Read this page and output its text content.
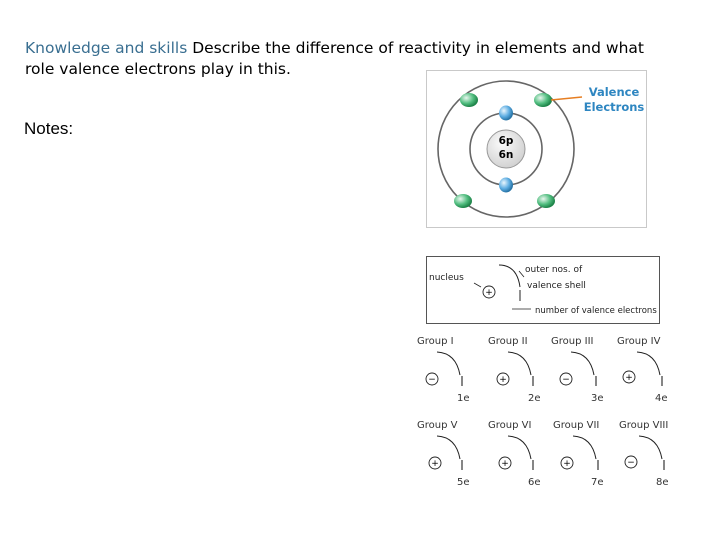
Knowledge and skills Describe the difference of reactivity in elements and what role valence electrons play in this.
Notes:
6p
6n
Valence
Electrons
nucleus
+
outer nos. of
valence shell
number of valence electrons
Group I
−
1e
Group II
+
2e
Group III
−
3e
Group IV
+
4e
Group V
+
5e
Group VI
+
6e
Group VII
+
7e
Group VIII
−
8e
